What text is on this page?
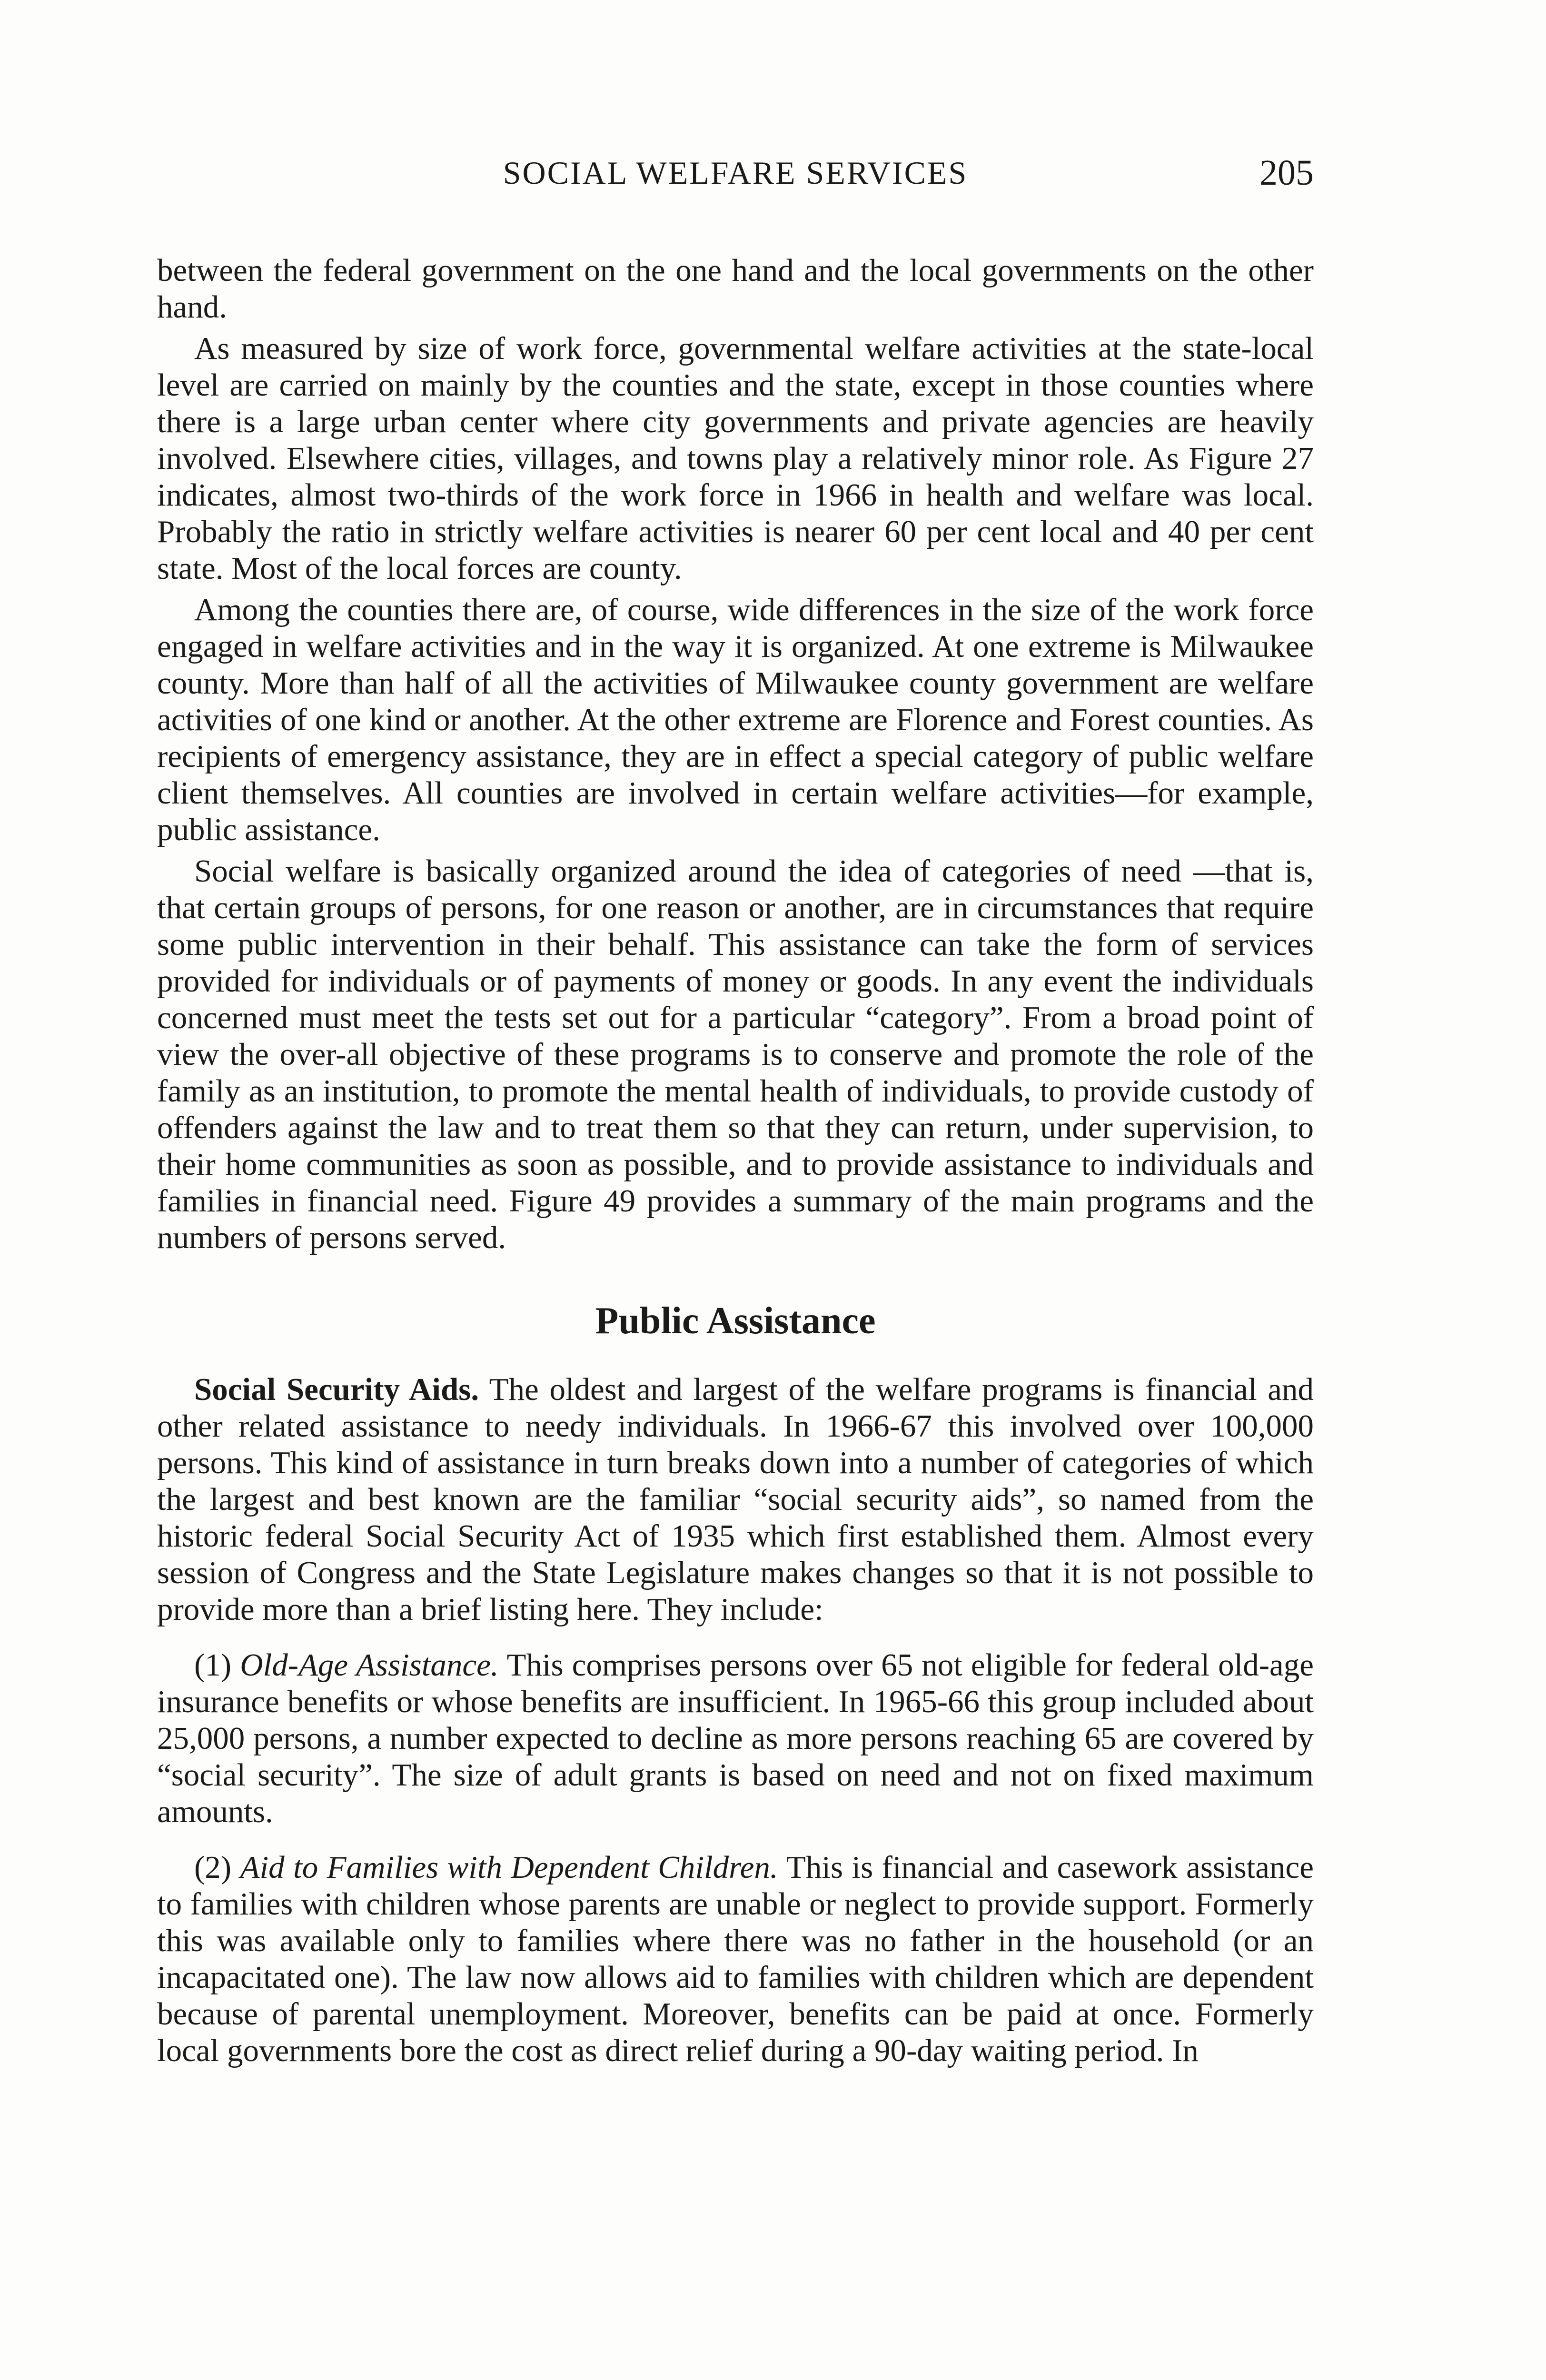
SOCIAL WELFARE SERVICES	205

between the federal government on the one hand and the local governments on the other hand.

As measured by size of work force, governmental welfare activities at the state-local level are carried on mainly by the counties and the state, except in those counties where there is a large urban center where city governments and private agencies are heavily involved. Elsewhere cities, villages, and towns play a relatively minor role. As Figure 27 indicates, almost two-thirds of the work force in 1966 in health and welfare was local. Probably the ratio in strictly welfare activities is nearer 60 per cent local and 40 per cent state. Most of the local forces are county.

Among the counties there are, of course, wide differences in the size of the work force engaged in welfare activities and in the way it is organized. At one extreme is Milwaukee county. More than half of all the activities of Milwaukee county government are welfare activities of one kind or another. At the other extreme are Florence and Forest counties. As recipients of emergency assistance, they are in effect a special category of public welfare client themselves. All counties are involved in certain welfare activities—for example, public assistance.

Social welfare is basically organized around the idea of categories of need —that is, that certain groups of persons, for one reason or another, are in circumstances that require some public intervention in their behalf. This assistance can take the form of services provided for individuals or of payments of money or goods. In any event the individuals concerned must meet the tests set out for a particular “category”. From a broad point of view the over-all objective of these programs is to conserve and promote the role of the family as an institution, to promote the mental health of individuals, to provide custody of offenders against the law and to treat them so that they can return, under supervision, to their home communities as soon as possible, and to provide assistance to individuals and families in financial need. Figure 49 provides a summary of the main programs and the numbers of persons served.

Public Assistance

Social Security Aids. The oldest and largest of the welfare programs is financial and other related assistance to needy individuals. In 1966-67 this involved over 100,000 persons. This kind of assistance in turn breaks down into a number of categories of which the largest and best known are the familiar “social security aids”, so named from the historic federal Social Security Act of 1935 which first established them. Almost every session of Congress and the State Legislature makes changes so that it is not possible to provide more than a brief listing here. They include:

(1) Old-Age Assistance. This comprises persons over 65 not eligible for federal old-age insurance benefits or whose benefits are insufficient. In 1965-66 this group included about 25,000 persons, a number expected to decline as more persons reaching 65 are covered by “social security”. The size of adult grants is based on need and not on fixed maximum amounts.

(2) Aid to Families with Dependent Children. This is financial and casework assistance to families with children whose parents are unable or neglect to provide support. Formerly this was available only to families where there was no father in the household (or an incapacitated one). The law now allows aid to families with children which are dependent because of parental unemployment. Moreover, benefits can be paid at once. Formerly local governments bore the cost as direct relief during a 90-day waiting period. In
